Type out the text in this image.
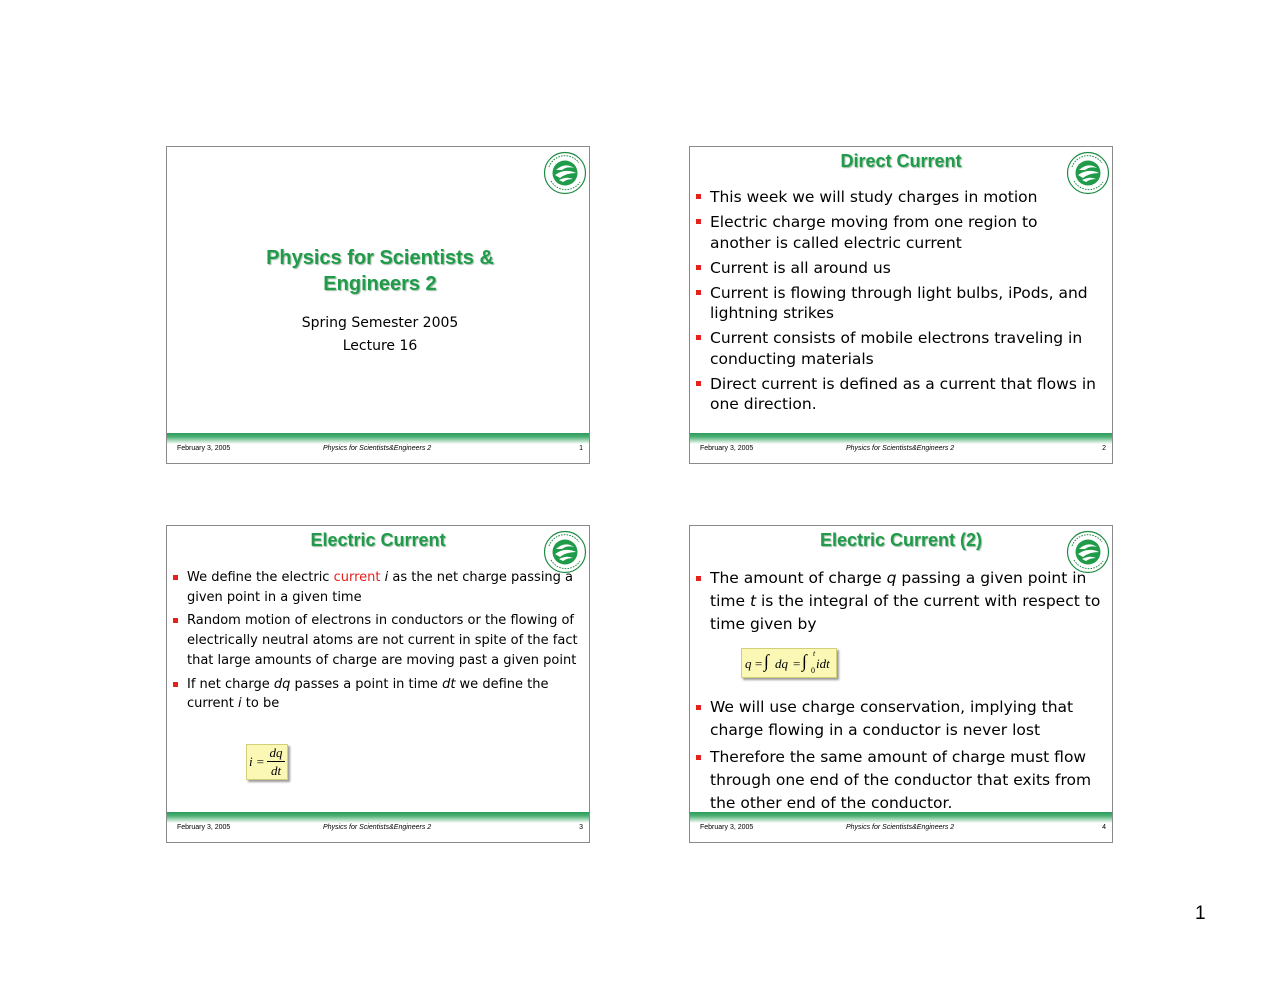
Physics for Scientists &
Engineers 2
Spring Semester 2005
Lecture 16
February 3, 2005	Physics for Scientists&Engineers 2	1
Direct Current
This week we will study charges in motion
Electric charge moving from one region to another is called electric current
Current is all around us
Current is flowing through light bulbs, iPods, and lightning strikes
Current consists of mobile electrons traveling in conducting materials
Direct current is defined as a current that flows in one direction.
February 3, 2005	Physics for Scientists&Engineers 2	2
Electric Current
We define the electric current i as the net charge passing a given point in a given time
Random motion of electrons in conductors or the flowing of electrically neutral atoms are not current in spite of the fact that large amounts of charge are moving past a given point
If net charge dq passes a point in time dt we define the current i to be
i =
dq
dt
February 3, 2005	Physics for Scientists&Engineers 2	3
Electric Current (2)
The amount of charge q passing a given point in time t is the integral of the current with respect to time given by
q = ∫ dq = ∫ t
0 idt
We will use charge conservation, implying that charge flowing in a conductor is never lost
Therefore the same amount of charge must flow through one end of the conductor that exits from the other end of the conductor.
February 3, 2005	Physics for Scientists&Engineers 2	4
1
